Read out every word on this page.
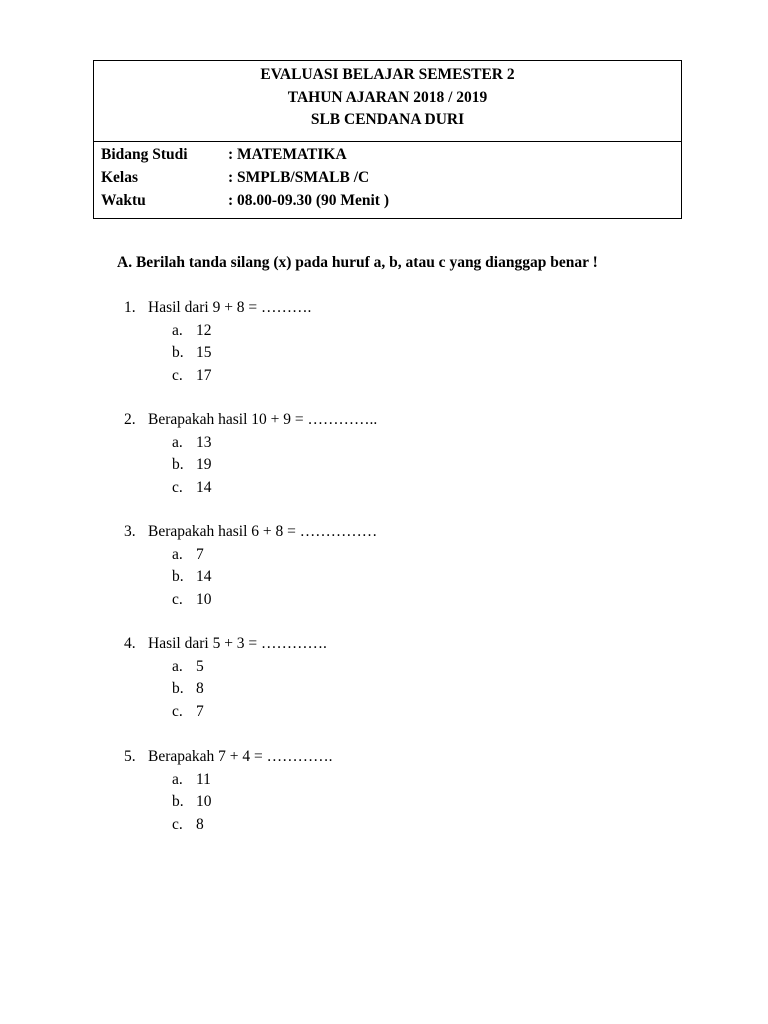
EVALUASI BELAJAR SEMESTER 2
TAHUN AJARAN 2018 / 2019
SLB CENDANA DURI
Bidang Studi	: MATEMATIKA
Kelas	: SMPLB/SMALB /C
Waktu	: 08.00-09.30 (90 Menit )
A. Berilah tanda silang (x) pada huruf a, b, atau c yang dianggap benar !
1. Hasil dari 9 + 8 = ……….
a. 12
b. 15
c. 17
2. Berapakah hasil 10 + 9 = …………..
a. 13
b. 19
c. 14
3. Berapakah hasil 6 + 8 = ……………
a. 7
b. 14
c. 10
4. Hasil dari 5 + 3 = ………….
a. 5
b. 8
c. 7
5. Berapakah 7 + 4 = ………….
a. 11
b. 10
c. 8
